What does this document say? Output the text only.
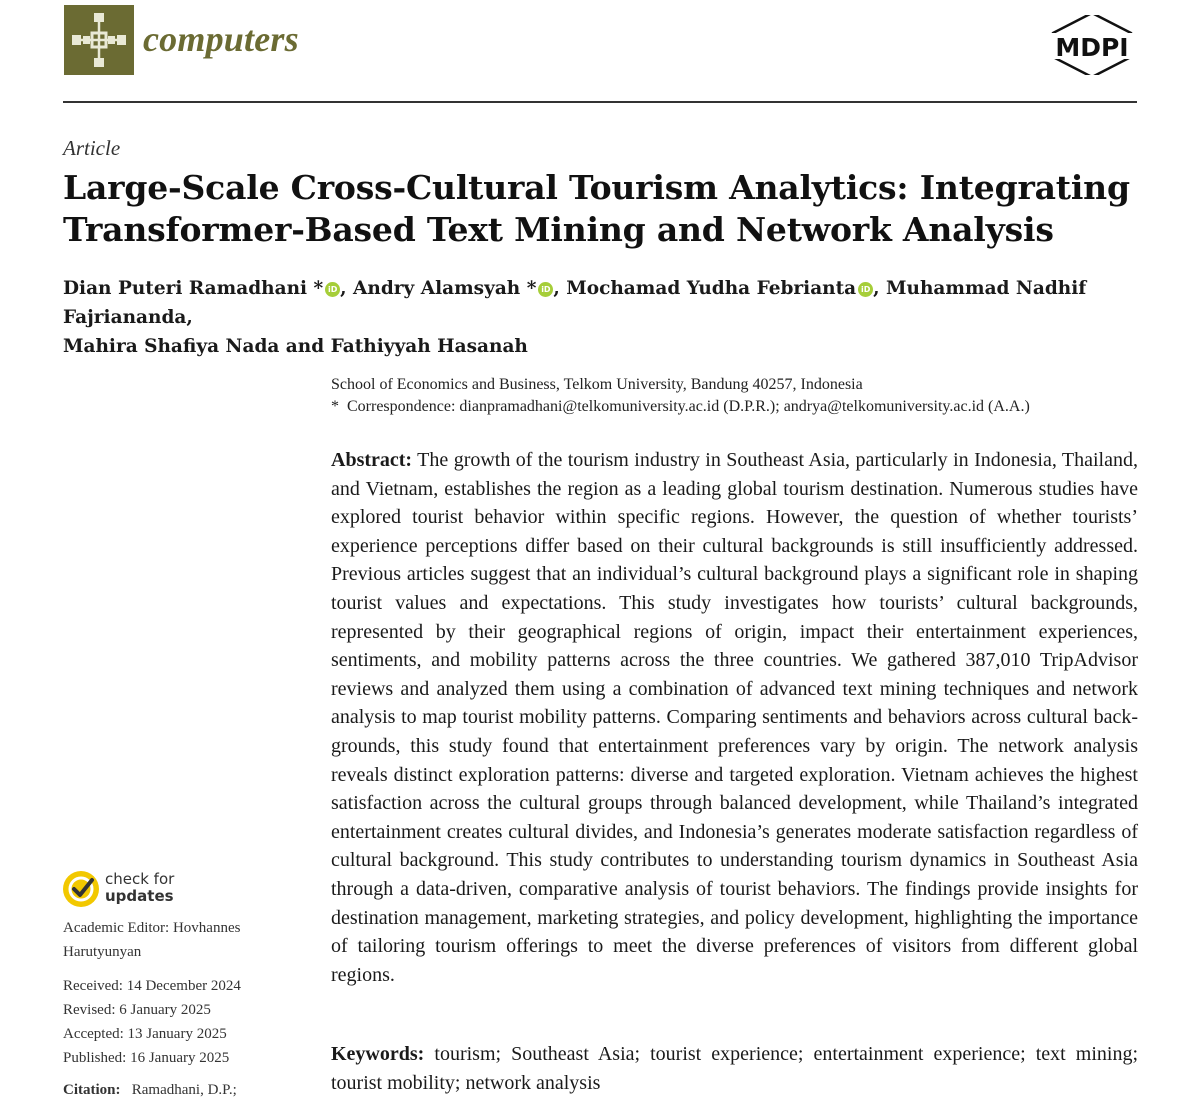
computers	MDPI
Article
Large-Scale Cross-Cultural Tourism Analytics: Integrating Transformer-Based Text Mining and Network Analysis
Dian Puteri Ramadhani * iD , Andry Alamsyah * iD , Mochamad Yudha Febrianta iD , Muhammad Nadhif Fajriananda,
Mahira Shafiya Nada and Fathiyyah Hasanah
School of Economics and Business, Telkom University, Bandung 40257, Indonesia
* Correspondence: dianpramadhani@telkomuniversity.ac.id (D.P.R.); andrya@telkomuniversity.ac.id (A.A.)
Abstract: The growth of the tourism industry in Southeast Asia, particularly in Indonesia, Thailand, and Vietnam, establishes the region as a leading global tourism destination. Numerous studies have explored tourist behavior within specific regions. However, the question of whether tourists’ experience perceptions differ based on their cultural backgrounds is still insufficiently addressed. Previous articles suggest that an individual’s cultural background plays a significant role in shaping tourist values and expectations. This study investigates how tourists’ cultural backgrounds, represented by their geographical regions of origin, impact their entertainment experiences, sentiments, and mobility patterns across the three countries. We gathered 387,010 TripAdvisor reviews and analyzed them using a combination of advanced text mining techniques and network analysis to map tourist mobility patterns. Comparing sentiments and behaviors across cultural backgrounds, this study found that entertainment preferences vary by origin. The network analysis reveals distinct exploration patterns: diverse and targeted exploration. Vietnam achieves the highest satisfaction across the cultural groups through balanced development, while Thailand’s integrated entertainment creates cultural divides, and Indonesia’s generates moderate satisfaction regardless of cultural background. This study contributes to understanding tourism dynamics in Southeast Asia through a data-driven, comparative analysis of tourist behaviors. The findings provide insights for destination management, marketing strategies, and policy development, highlighting the importance of tailoring tourism offerings to meet the diverse preferences of visitors from different global regions.
Keywords: tourism; Southeast Asia; tourist experience; entertainment experience; text mining; tourist mobility; network analysis
check for
updates
Academic Editor: Hovhannes
Harutyunyan
Received: 14 December 2024
Revised: 6 January 2025
Accepted: 13 January 2025
Published: 16 January 2025
Citation: Ramadhani, D.P.;
